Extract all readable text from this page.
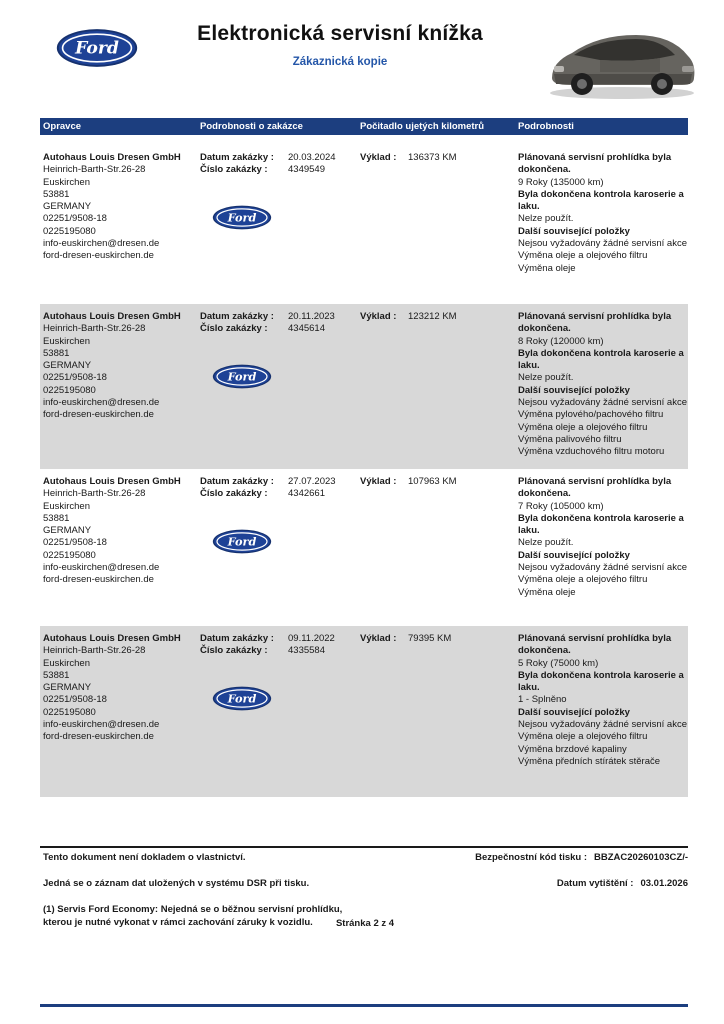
Ford
Elektronická servisní knížka
Zákaznická kopie
Opravce	Podrobnosti o zakázce	Počitadlo ujetých kilometrů	Podrobnosti
Autohaus Louis Dresen GmbH
Heinrich-Barth-Str.26-28
Euskirchen
53881
GERMANY
02251/9508-18
0225195080
info-euskirchen@dresen.de
ford-dresen-euskirchen.de
Datum zakázky :	20.03.2024
Číslo zakázky :	4349549
Ford
Výklad :	136373 KM	Plánovaná servisní prohlídka byla dokončena.
9 Roky (135000 km)
Byla dokončena kontrola karoserie a laku.
Nelze použít.
Další související položky
Nejsou vyžadovány žádné servisní akce
Výměna oleje a olejového filtru
Výměna oleje
Autohaus Louis Dresen GmbH
Heinrich-Barth-Str.26-28
Euskirchen
53881
GERMANY
02251/9508-18
0225195080
info-euskirchen@dresen.de
ford-dresen-euskirchen.de
Datum zakázky :	20.11.2023
Číslo zakázky :	4345614
Ford
Výklad :	123212 KM	Plánovaná servisní prohlídka byla dokončena.
8 Roky (120000 km)
Byla dokončena kontrola karoserie a laku.
Nelze použít.
Další související položky
Nejsou vyžadovány žádné servisní akce
Výměna pylového/pachového filtru
Výměna oleje a olejového filtru
Výměna palivového filtru
Výměna vzduchového filtru motoru
Autohaus Louis Dresen GmbH
Heinrich-Barth-Str.26-28
Euskirchen
53881
GERMANY
02251/9508-18
0225195080
info-euskirchen@dresen.de
ford-dresen-euskirchen.de
Datum zakázky :	27.07.2023
Číslo zakázky :	4342661
Ford
Výklad :	107963 KM	Plánovaná servisní prohlídka byla dokončena.
7 Roky (105000 km)
Byla dokončena kontrola karoserie a laku.
Nelze použít.
Další související položky
Nejsou vyžadovány žádné servisní akce
Výměna oleje a olejového filtru
Výměna oleje
Autohaus Louis Dresen GmbH
Heinrich-Barth-Str.26-28
Euskirchen
53881
GERMANY
02251/9508-18
0225195080
info-euskirchen@dresen.de
ford-dresen-euskirchen.de
Datum zakázky :	09.11.2022
Číslo zakázky :	4335584
Ford
Výklad :	79395 KM	Plánovaná servisní prohlídka byla dokončena.
5 Roky (75000 km)
Byla dokončena kontrola karoserie a laku.
1 - Splněno
Další související položky
Nejsou vyžadovány žádné servisní akce
Výměna oleje a olejového filtru
Výměna brzdové kapaliny
Výměna předních stírátek stěrače
Tento dokument není dokladem o vlastnictví.	Bezpečnostní kód tisku : BBZAC20260103CZ/-
Jedná se o záznam dat uložených v systému DSR při tisku.	Datum vytištění : 03.01.2026
(1) Servis Ford Economy: Nejedná se o běžnou servisní prohlídku,
kterou je nutné vykonat v rámci zachování záruky k vozidlu.	Stránka 2 z 4
